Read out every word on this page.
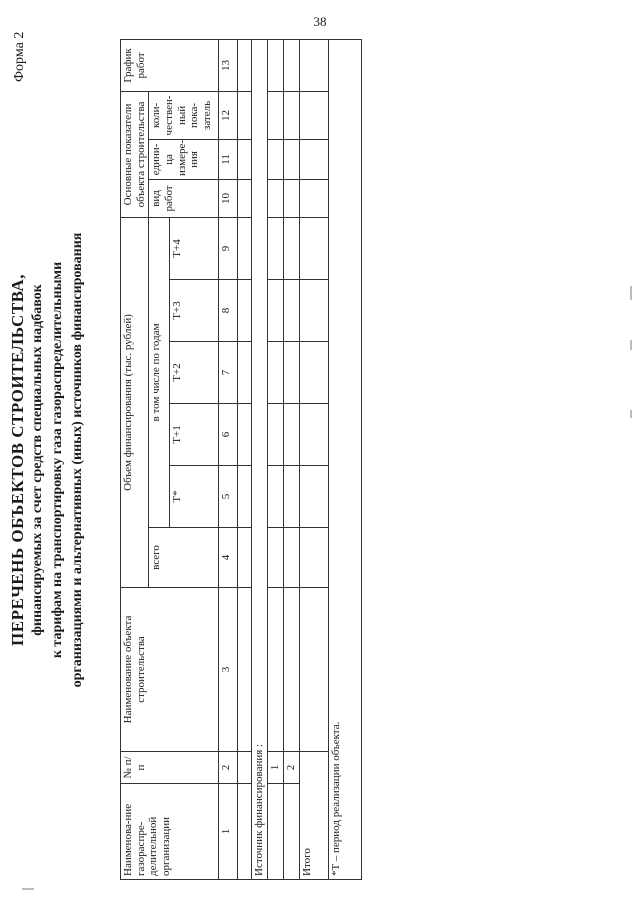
38
Форма 2
ПЕРЕЧЕНЬ ОБЪЕКТОВ СТРОИТЕЛЬСТВА, финансируемых за счет средств специальных надбавок к тарифам на транспортировку газа газораспределительными организациями и альтернативных (иных) источников финансирования
Наименова-ние газораспре-делительной организации	№ п/п	Наименование объекта строительства	Объем финансирования (тыс. рублей)						Основные показатели объекта строительства			График работ
			всего	в том числе по годам					вид работ	едини-ца измере-ния	коли-чествен-ный пока-затель	
				T*	T+1	T+2	T+3	T+4				
1	2	3	4	5	6	7	8	9	10	11	12	13

Источник финансирования :												
	1											
	2											
Итого												
*T – период реализации объекта.												
